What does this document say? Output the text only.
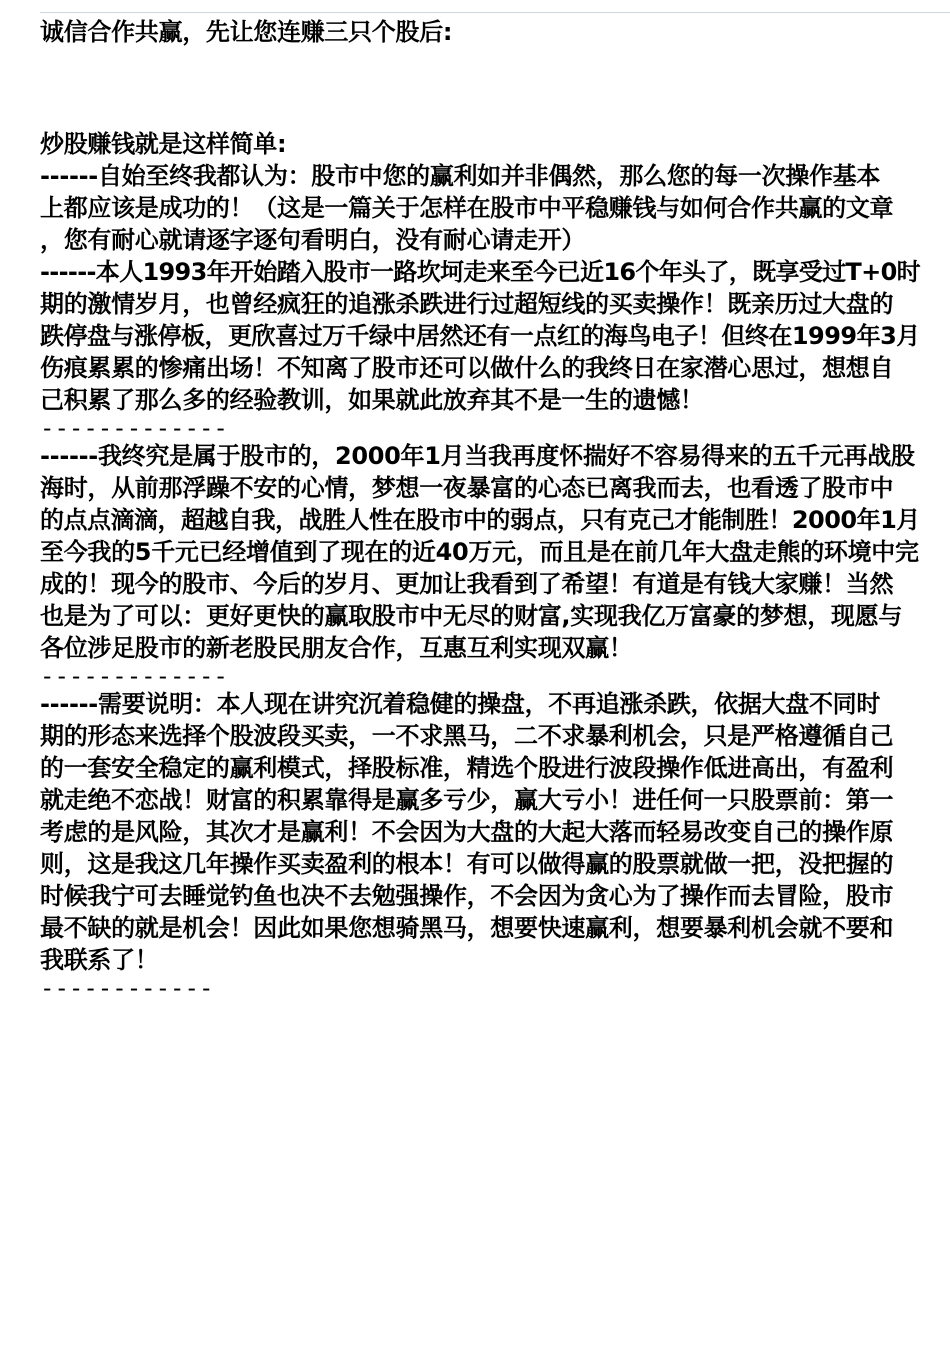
诚信合作共赢，先让您连赚三只个股后:
炒股赚钱就是这样简单:
------自始至终我都认为：股市中您的赢利如并非偶然，那么您的每一次操作基本
上都应该是成功的！（这是一篇关于怎样在股市中平稳赚钱与如何合作共赢的文章
，您有耐心就请逐字逐句看明白，没有耐心请走开）
------本人1993年开始踏入股市一路坎坷走来至今已近16个年头了，既享受过T+0时
期的激情岁月，也曾经疯狂的追涨杀跌进行过超短线的买卖操作！既亲历过大盘的
跌停盘与涨停板，更欣喜过万千绿中居然还有一点红的海鸟电子！但终在1999年3月
伤痕累累的惨痛出场！不知离了股市还可以做什么的我终日在家潜心思过，想想自
己积累了那么多的经验教训，如果就此放弃其不是一生的遗憾！
-------------
------我终究是属于股市的，2000年1月当我再度怀揣好不容易得来的五千元再战股
海时，从前那浮躁不安的心情，梦想一夜暴富的心态已离我而去，也看透了股市中
的点点滴滴，超越自我，战胜人性在股市中的弱点，只有克己才能制胜！2000年1月
至今我的5千元已经增值到了现在的近40万元，而且是在前几年大盘走熊的环境中完
成的！现今的股市、今后的岁月、更加让我看到了希望！有道是有钱大家赚！当然
也是为了可以：更好更快的赢取股市中无尽的财富,实现我亿万富豪的梦想，现愿与
各位涉足股市的新老股民朋友合作，互惠互利实现双赢！
-------------
------需要说明：本人现在讲究沉着稳健的操盘，不再追涨杀跌，依据大盘不同时
期的形态来选择个股波段买卖，一不求黑马，二不求暴利机会，只是严格遵循自己
的一套安全稳定的赢利模式，择股标准，精选个股进行波段操作低进高出，有盈利
就走绝不恋战！财富的积累靠得是赢多亏少，赢大亏小！进任何一只股票前：第一
考虑的是风险，其次才是赢利！不会因为大盘的大起大落而轻易改变自己的操作原
则，这是我这几年操作买卖盈利的根本！有可以做得赢的股票就做一把，没把握的
时候我宁可去睡觉钓鱼也决不去勉强操作，不会因为贪心为了操作而去冒险，股市
最不缺的就是机会！因此如果您想骑黑马，想要快速赢利，想要暴利机会就不要和
我联系了！
------------
